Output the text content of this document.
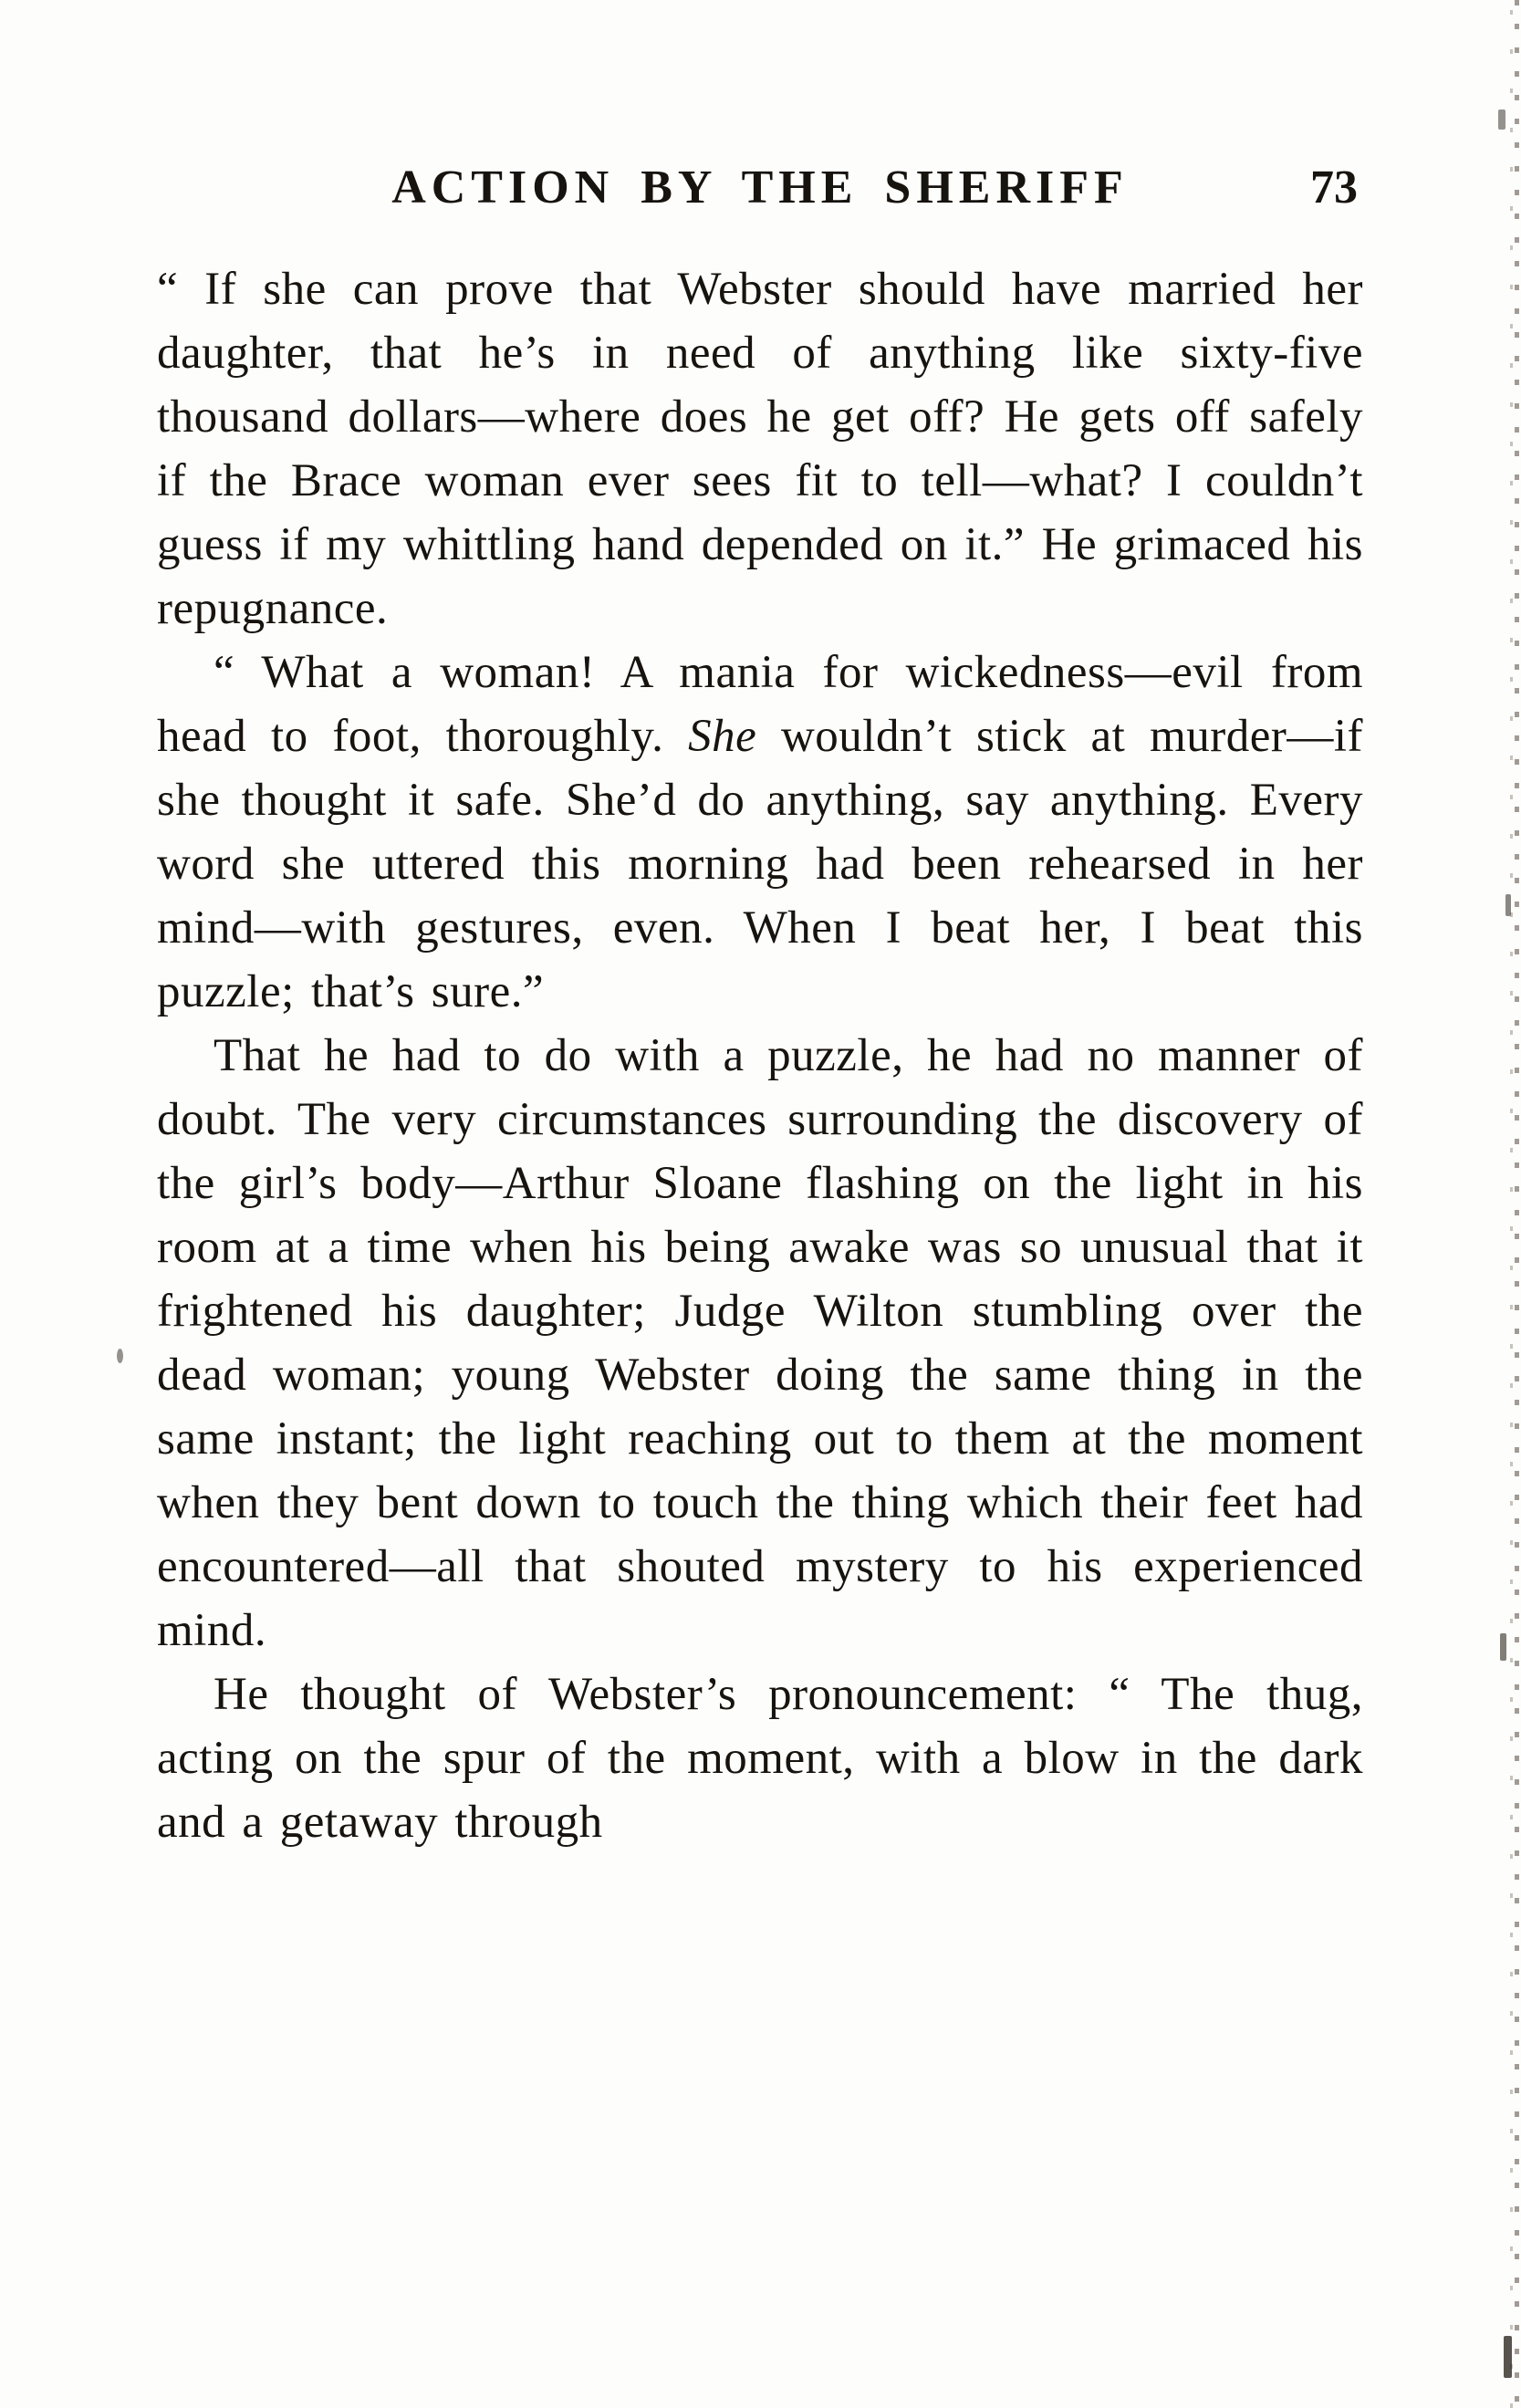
ACTION BY THE SHERIFF	73

“ If she can prove that Webster should have married her daughter, that he’s in need of anything like sixty-five thousand dollars—where does he get off? He gets off safely if the Brace woman ever sees fit to tell—what? I couldn’t guess if my whittling hand depended on it.” He grimaced his repugnance.

“ What a woman! A mania for wickedness—evil from head to foot, thoroughly. She wouldn’t stick at murder—if she thought it safe. She’d do anything, say anything. Every word she uttered this morning had been rehearsed in her mind—with gestures, even. When I beat her, I beat this puzzle; that’s sure.”

That he had to do with a puzzle, he had no manner of doubt. The very circumstances surrounding the discovery of the girl’s body—Arthur Sloane flashing on the light in his room at a time when his being awake was so unusual that it frightened his daughter; Judge Wilton stumbling over the dead woman; young Webster doing the same thing in the same instant; the light reaching out to them at the moment when they bent down to touch the thing which their feet had encountered—all that shouted mystery to his experienced mind.

He thought of Webster’s pronouncement: “ The thug, acting on the spur of the moment, with a blow in the dark and a getaway through
